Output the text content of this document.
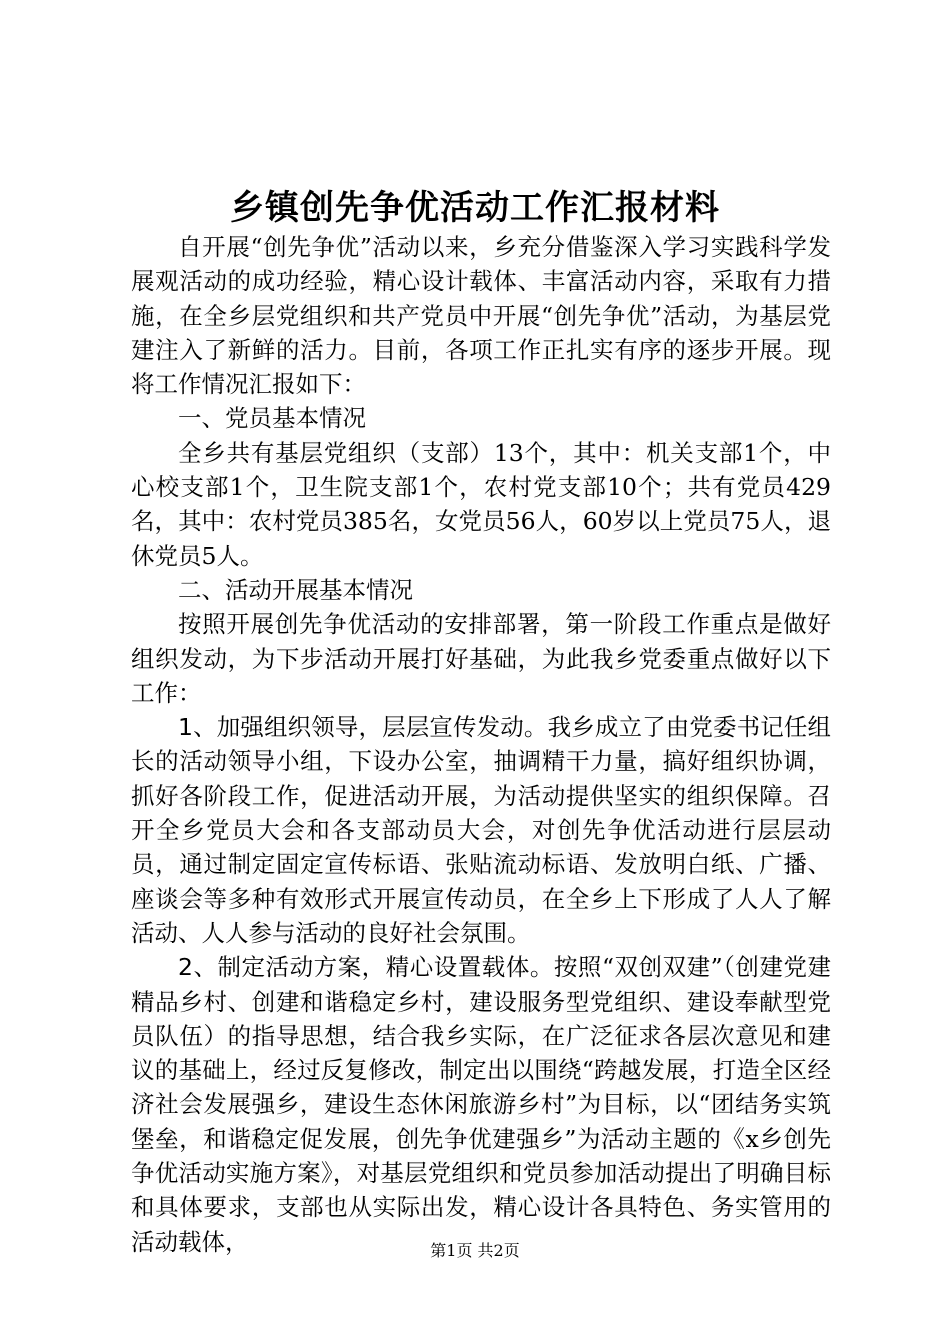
乡镇创先争优活动工作汇报材料

自开展“创先争优”活动以来，乡充分借鉴深入学习实践科学发展观活动的成功经验，精心设计载体、丰富活动内容，采取有力措施，在全乡层党组织和共产党员中开展“创先争优”活动，为基层党建注入了新鲜的活力。目前，各项工作正扎实有序的逐步开展。现将工作情况汇报如下：

一、党员基本情况

全乡共有基层党组织（支部）13个，其中：机关支部1个，中心校支部1个，卫生院支部1个，农村党支部10个；共有党员429名，其中：农村党员385名，女党员56人，60岁以上党员75人，退休党员5人。

二、活动开展基本情况

按照开展创先争优活动的安排部署，第一阶段工作重点是做好组织发动，为下步活动开展打好基础，为此我乡党委重点做好以下工作：

1、加强组织领导，层层宣传发动。我乡成立了由党委书记任组长的活动领导小组，下设办公室，抽调精干力量，搞好组织协调，抓好各阶段工作，促进活动开展，为活动提供坚实的组织保障。召开全乡党员大会和各支部动员大会，对创先争优活动进行层层动员，通过制定固定宣传标语、张贴流动标语、发放明白纸、广播、座谈会等多种有效形式开展宣传动员，在全乡上下形成了人人了解活动、人人参与活动的良好社会氛围。

2、制定活动方案，精心设置载体。按照“双创双建”（创建党建精品乡村、创建和谐稳定乡村，建设服务型党组织、建设奉献型党员队伍）的指导思想，结合我乡实际，在广泛征求各层次意见和建议的基础上，经过反复修改，制定出以围绕“跨越发展，打造全区经济社会发展强乡，建设生态休闲旅游乡村”为目标，以“团结务实筑堡垒，和谐稳定促发展，创先争优建强乡”为活动主题的《x乡创先争优活动实施方案》，对基层党组织和党员参加活动提出了明确目标和具体要求，支部也从实际出发，精心设计各具特色、务实管用的活动载体，	第1页 共2页
